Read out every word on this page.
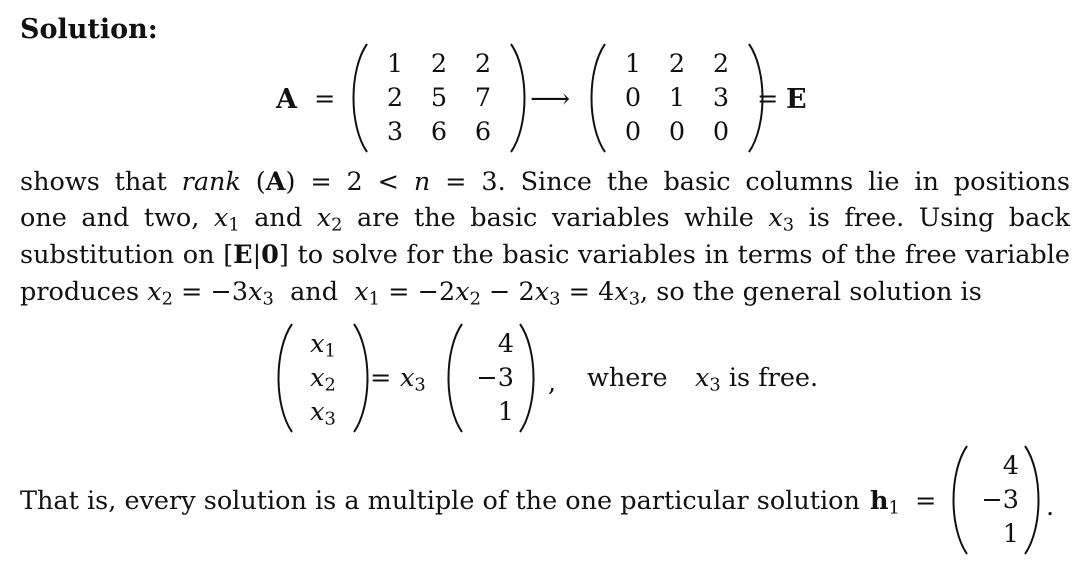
Solution:
A =
1	2	2
2	5	7
3	6	6
⟶
1	2	2
0	1	3
0	0	0
= E
shows that rank (A) = 2 < n = 3. Since the basic columns lie in positions
one and two, $x_1$ and $x_2$ are the basic variables while $x_3$ is free. Using back
substitution on [E|0] to solve for the basic variables in terms of the free variable
produces $x_2 = -3x_3$ and $x_1 = -2x_2 - 2x_3 = 4x_3$, so the general solution is
$x_1$
$x_2$
$x_3$
= $x_3$
4
−3
1
, where $x_3$ is free.
That is, every solution is a multiple of the one particular solution $h_1$ =
4
−3
1
.
